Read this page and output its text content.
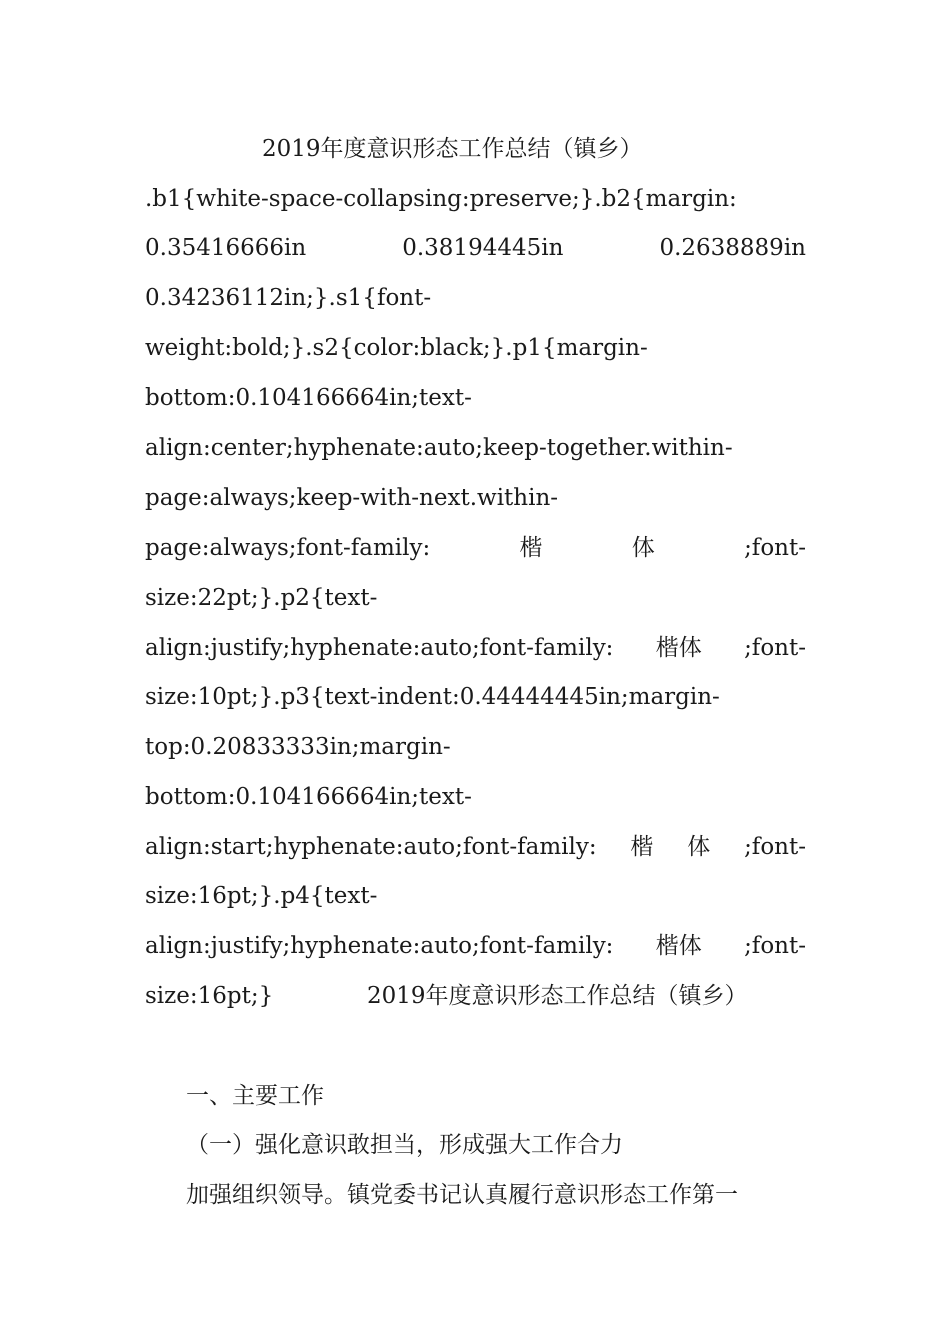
2019年度意识形态工作总结（镇乡）
.b1{white-space-collapsing:preserve;}.b2{margin:
0.35416666in	0.38194445in	0.2638889in
0.34236112in;}.s1{font-
weight:bold;}.s2{color:black;}.p1{margin-
bottom:0.104166664in;text-
align:center;hyphenate:auto;keep-together.within-
page:always;keep-with-next.within-
page:always;font-family:	楷	体	;font-
size:22pt;}.p2{text-
align:justify;hyphenate:auto;font-family: 楷体 ;font-
size:10pt;}.p3{text-indent:0.44444445in;margin-
top:0.20833333in;margin-
bottom:0.104166664in;text-
align:start;hyphenate:auto;font-family: 楷 体 ;font-
size:16pt;}.p4{text-
align:justify;hyphenate:auto;font-family: 楷体 ;font-
size:16pt;}	2019年度意识形态工作总结（镇乡）
一、主要工作
（一）强化意识敢担当，形成强大工作合力
加强组织领导。镇党委书记认真履行意识形态工作第一
